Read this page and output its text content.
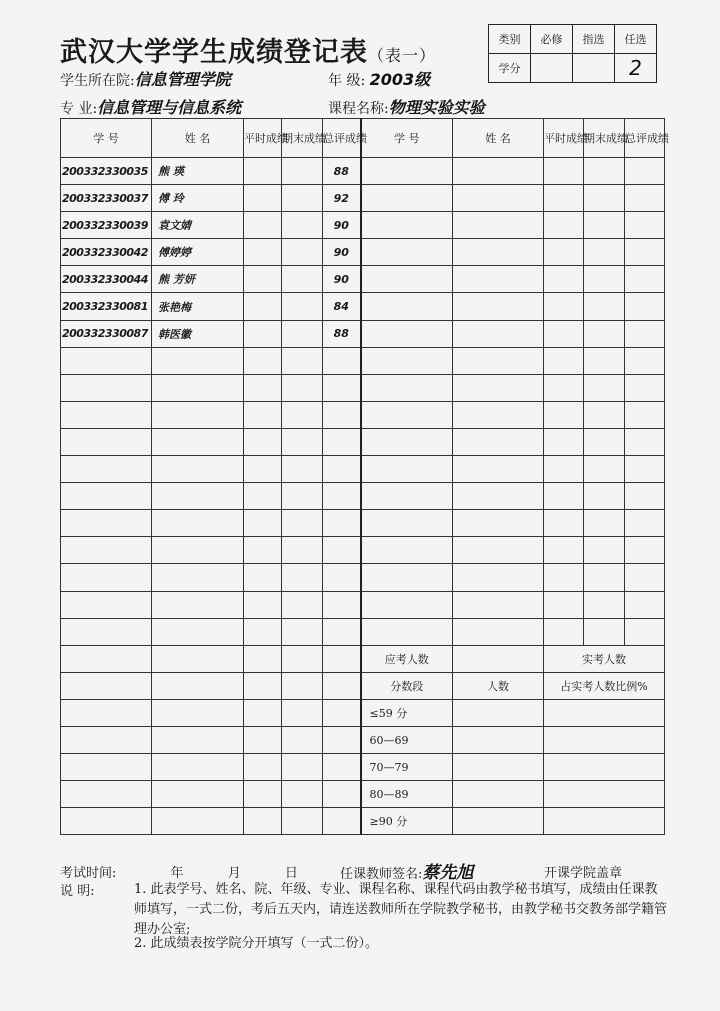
武汉大学学生成绩登记表（表一）
类别	必修	指选	任选
学分			2
学生所在院:信息管理学院	年 级: 2003级
专 业:信息管理与信息系统	课程名称:物理实验实验
学 号	姓 名	平时成绩	期末成绩	总评成绩	学 号	姓 名	平时成绩	期末成绩	总评成绩
200332330035	熊 瑛			88					
200332330037	傅 玲			92					
200332330039	袁文婧			90					
200332330042	傅婷婷			90					
200332330044	熊 芳妍			90					
200332330081	张艳梅			84					
200332330087	韩医徽			88					

					应考人数		实考人数		
					分数段	人数	占实考人数比例%		
					≤59 分				
					60—69				
					70—79				
					80—89				
					≥90 分				
考试时间:	年	月	日	任课教师签名:蔡先旭	开课学院盖章
说 明:	1. 此表学号、姓名、院、年级、专业、课程名称、课程代码由教学秘书填写，成绩由任课教师填写，一式二份，考后五天内，请连送教师所在学院教学秘书，由教学秘书交教务部学籍管理办公室;
2. 此成绩表按学院分开填写（一式二份）。
